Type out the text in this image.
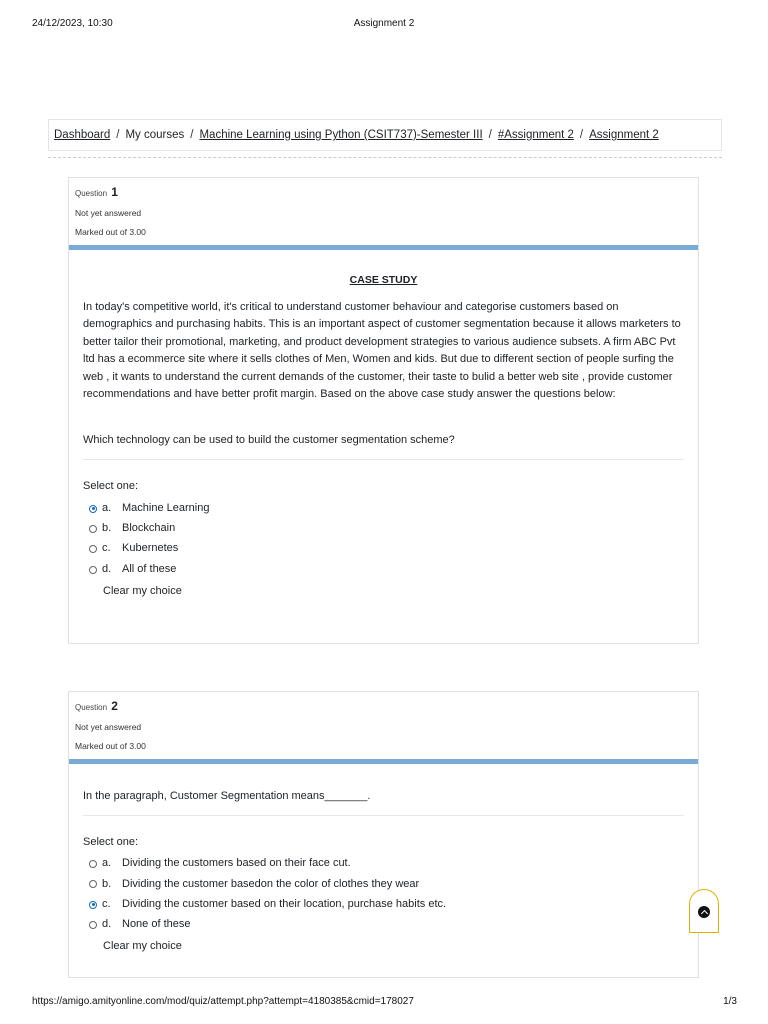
24/12/2023, 10:30	Assignment 2
Dashboard / My courses / Machine Learning using Python (CSIT737)-Semester III / #Assignment 2 / Assignment 2
Question 1
Not yet answered
Marked out of 3.00
CASE STUDY
In today's competitive world, it's critical to understand customer behaviour and categorise customers based on demographics and purchasing habits. This is an important aspect of customer segmentation because it allows marketers to better tailor their promotional, marketing, and product development strategies to various audience subsets. A firm ABC Pvt ltd has a ecommerce site where it sells clothes of Men, Women and kids. But due to different section of people surfing the web , it wants to understand the current demands of the customer, their taste to bulid a better web site , provide customer recommendations and have better profit margin. Based on the above case study answer the questions below:
Which technology can be used to build the customer segmentation scheme?
Select one:
a. Machine Learning
b. Blockchain
c.	Kubernetes
d. All of these
Clear my choice
Question 2
Not yet answered
Marked out of 3.00
In the paragraph, Customer Segmentation means_______.
Select one:
a. Dividing the customers based on their face cut.
b. Dividing the customer basedon the color of clothes they wear
c.	Dividing the customer based on their location, purchase habits etc.
d. None of these
Clear my choice
https://amigo.amityonline.com/mod/quiz/attempt.php?attempt=4180385&cmid=178027	1/3
